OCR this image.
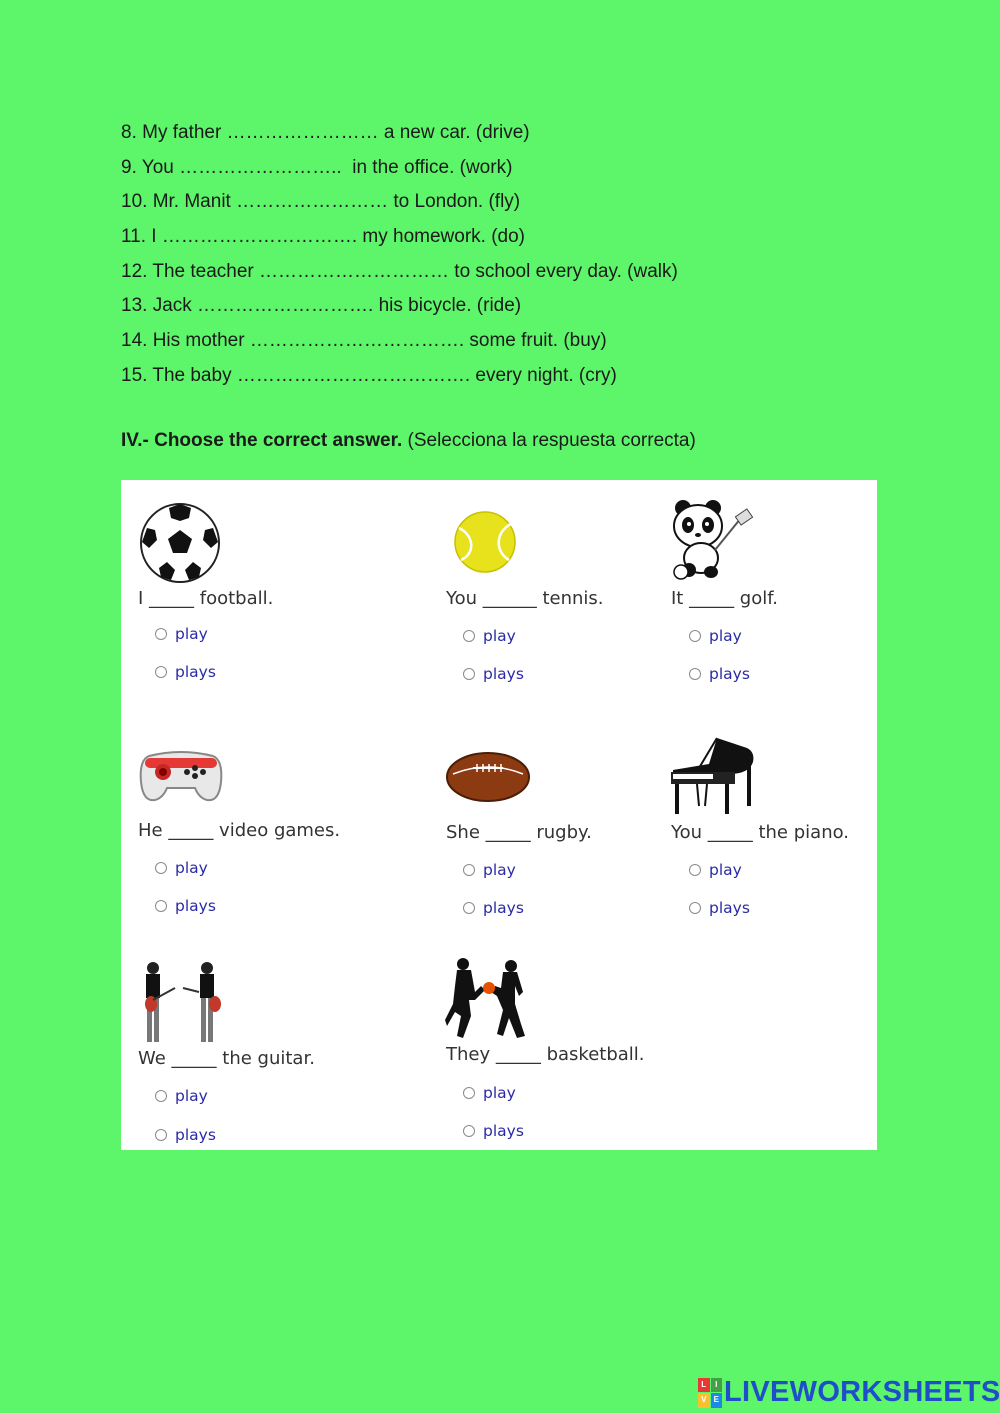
8. My father …………………… a new car. (drive)
9. You ……………………..  in the office. (work)
10. Mr. Manit …………………… to London. (fly)
11. I …………………………. my homework. (do)
12. The teacher ………………………… to school every day. (walk)
13. Jack ………………………. his bicycle. (ride)
14. His mother ……………………………. some fruit. (buy)
15. The baby ………………………………. every night. (cry)
IV.- Choose the correct answer. (Selecciona la respuesta correcta)
I _____ football.
play
plays
You ______ tennis.
play
plays
It _____ golf.
play
plays
He _____ video games.
play
plays
She _____ rugby.
play
plays
You _____ the piano.
play
plays
We _____ the guitar.
play
plays
They _____ basketball.
play
plays
L	I
V E LIVEWORKSHEETS
